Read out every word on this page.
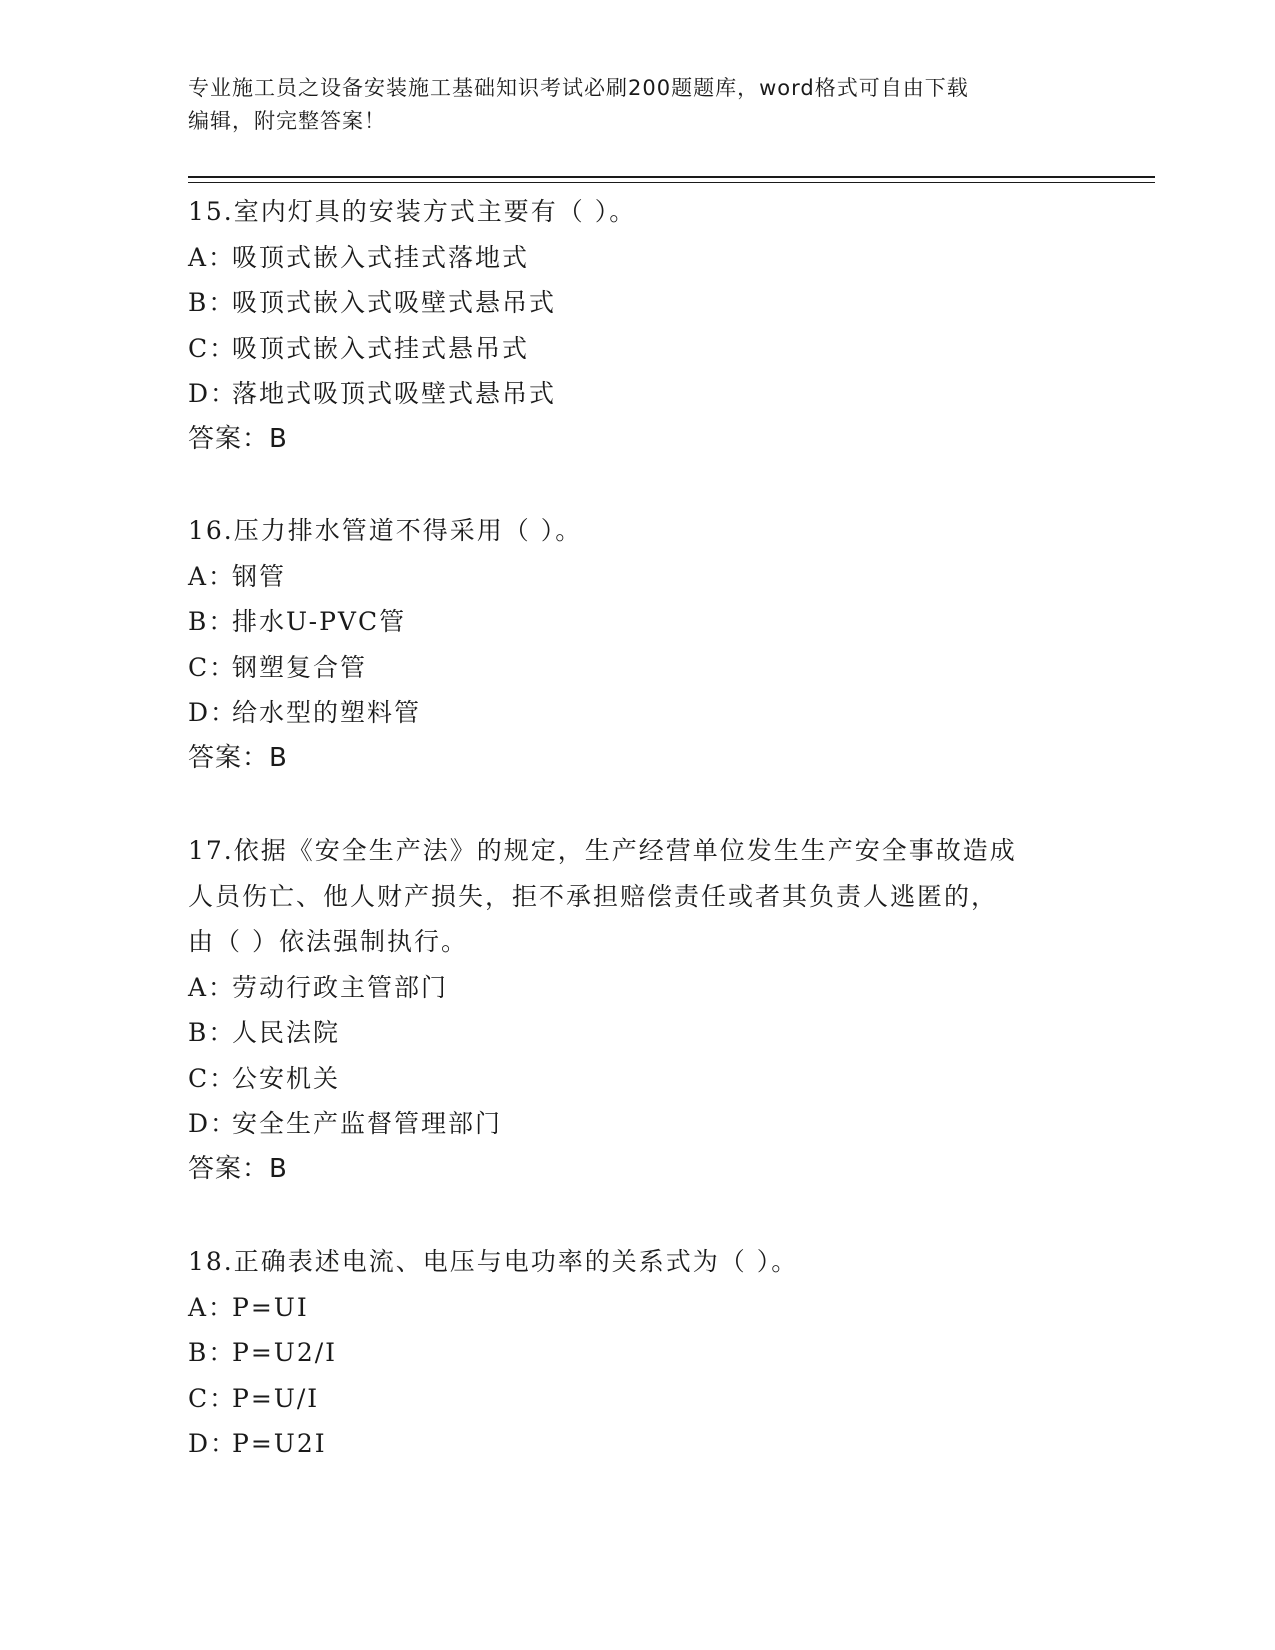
专业施工员之设备安装施工基础知识考试必刷200题题库，word格式可自由下载
编辑，附完整答案！
15.室内灯具的安装方式主要有（ ）。
A：吸顶式嵌入式挂式落地式
B：吸顶式嵌入式吸壁式悬吊式
C：吸顶式嵌入式挂式悬吊式
D：落地式吸顶式吸壁式悬吊式
答案：B
16.压力排水管道不得采用（ ）。
A：钢管
B：排水U-PVC管
C：钢塑复合管
D：给水型的塑料管
答案：B
17.依据《安全生产法》的规定，生产经营单位发生生产安全事故造成
人员伤亡、他人财产损失，拒不承担赔偿责任或者其负责人逃匿的，
由（ ）依法强制执行。
A：劳动行政主管部门
B：人民法院
C：公安机关
D：安全生产监督管理部门
答案：B
18.正确表述电流、电压与电功率的关系式为（ ）。
A：P=UI
B：P=U2/I
C：P=U/I
D：P=U2I
